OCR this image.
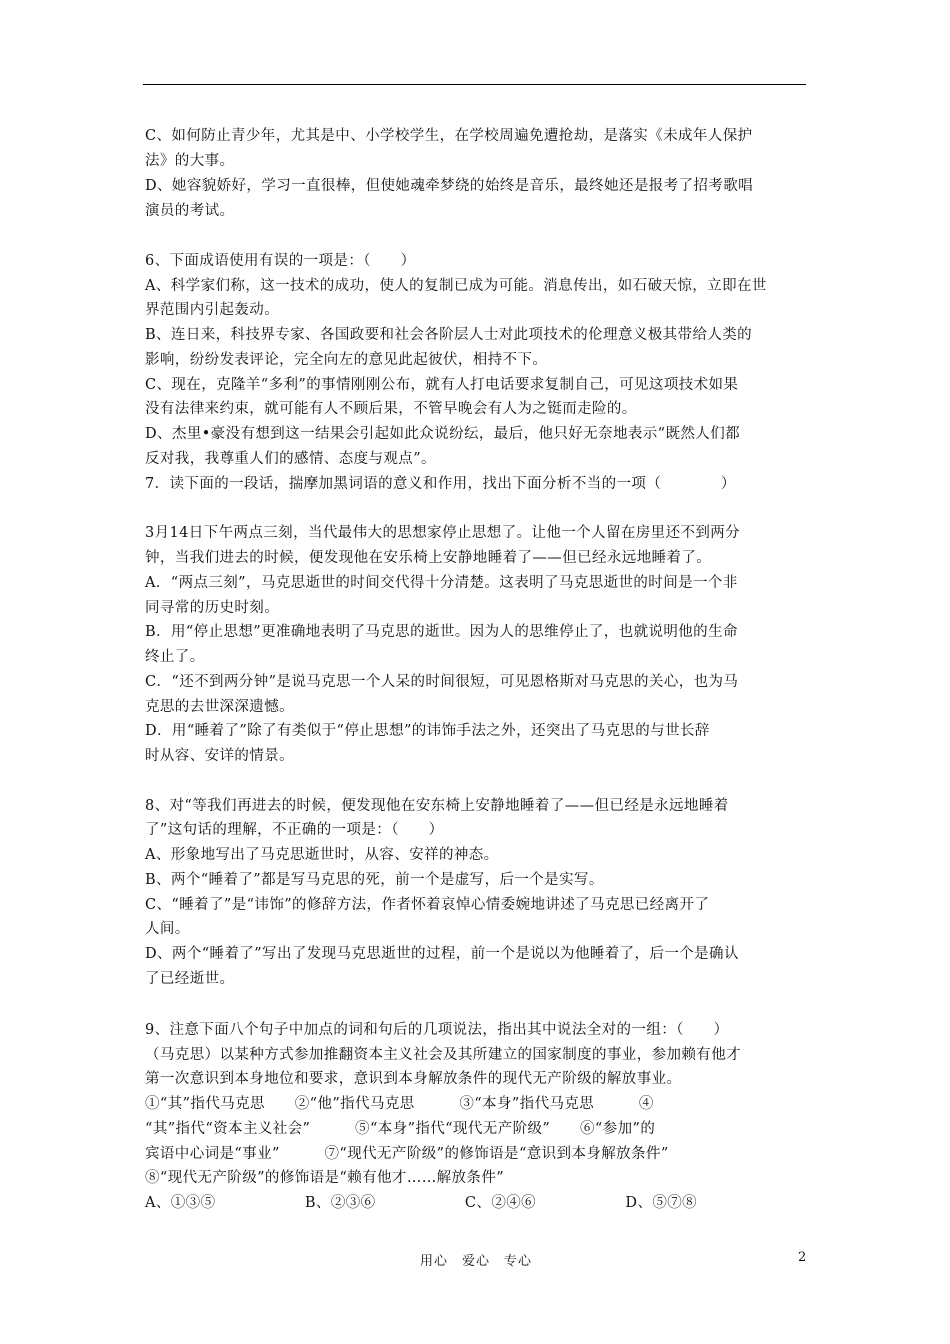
C、如何防止青少年，尤其是中、小学校学生，在学校周遍免遭抢劫，是落实《未成年人保护
法》的大事。
D、她容貌娇好，学习一直很棒，但使她魂牵梦绕的始终是音乐，最终她还是报考了招考歌唱
演员的考试。
6、下面成语使用有误的一项是：（　　）
A、科学家们称，这一技术的成功，使人的复制已成为可能。消息传出，如石破天惊，立即在世
界范围内引起轰动。
B、连日来，科技界专家、各国政要和社会各阶层人士对此项技术的伦理意义极其带给人类的
影响，纷纷发表评论，完全向左的意见此起彼伏，相持不下。
C、现在，克隆羊“多利”的事情刚刚公布，就有人打电话要求复制自己，可见这项技术如果
没有法律来约束，就可能有人不顾后果，不管早晚会有人为之铤而走险的。
D、杰里•豪没有想到这一结果会引起如此众说纷纭，最后，他只好无奈地表示“既然人们都
反对我，我尊重人们的感情、态度与观点”。
7．读下面的一段话，揣摩加黑词语的意义和作用，找出下面分析不当的一项（　　　　）
3月14日下午两点三刻，当代最伟大的思想家停止思想了。让他一个人留在房里还不到两分
钟，当我们进去的时候，便发现他在安乐椅上安静地睡着了——但已经永远地睡着了。
A．“两点三刻”，马克思逝世的时间交代得十分清楚。这表明了马克思逝世的时间是一个非
同寻常的历史时刻。
B．用“停止思想”更准确地表明了马克思的逝世。因为人的思维停止了，也就说明他的生命
终止了。
C．“还不到两分钟”是说马克思一个人呆的时间很短，可见恩格斯对马克思的关心，也为马
克思的去世深深遗憾。
D．用“睡着了”除了有类似于“停止思想”的讳饰手法之外，还突出了马克思的与世长辞
时从容、安详的情景。
8、对“等我们再进去的时候，便发现他在安东椅上安静地睡着了——但已经是永远地睡着
了”这句话的理解，不正确的一项是：（　　）
A、形象地写出了马克思逝世时，从容、安祥的神态。
B、两个“睡着了”都是写马克思的死，前一个是虚写，后一个是实写。
C、“睡着了”是“讳饰”的修辞方法，作者怀着哀悼心情委婉地讲述了马克思已经离开了
人间。
D、两个“睡着了”写出了发现马克思逝世的过程，前一个是说以为他睡着了，后一个是确认
了已经逝世。
9、注意下面八个句子中加点的词和句后的几项说法，指出其中说法全对的一组：（　　）
（马克思）以某种方式参加推翻资本主义社会及其所建立的国家制度的事业，参加赖有他才
第一次意识到本身地位和要求，意识到本身解放条件的现代无产阶级的解放事业。
①“其”指代马克思　　②“他”指代马克思　　　③“本身”指代马克思　　　④
“其”指代“资本主义社会”　　　⑤“本身”指代“现代无产阶级”　　⑥“参加”的
宾语中心词是“事业”　　　⑦“现代无产阶级”的修饰语是“意识到本身解放条件”
⑧“现代无产阶级”的修饰语是“赖有他才……解放条件”
A、①③⑤　　　　　　B、②③⑥　　　　　　C、②④⑥　　　　　　D、⑤⑦⑧
用心　爱心　专心	2
